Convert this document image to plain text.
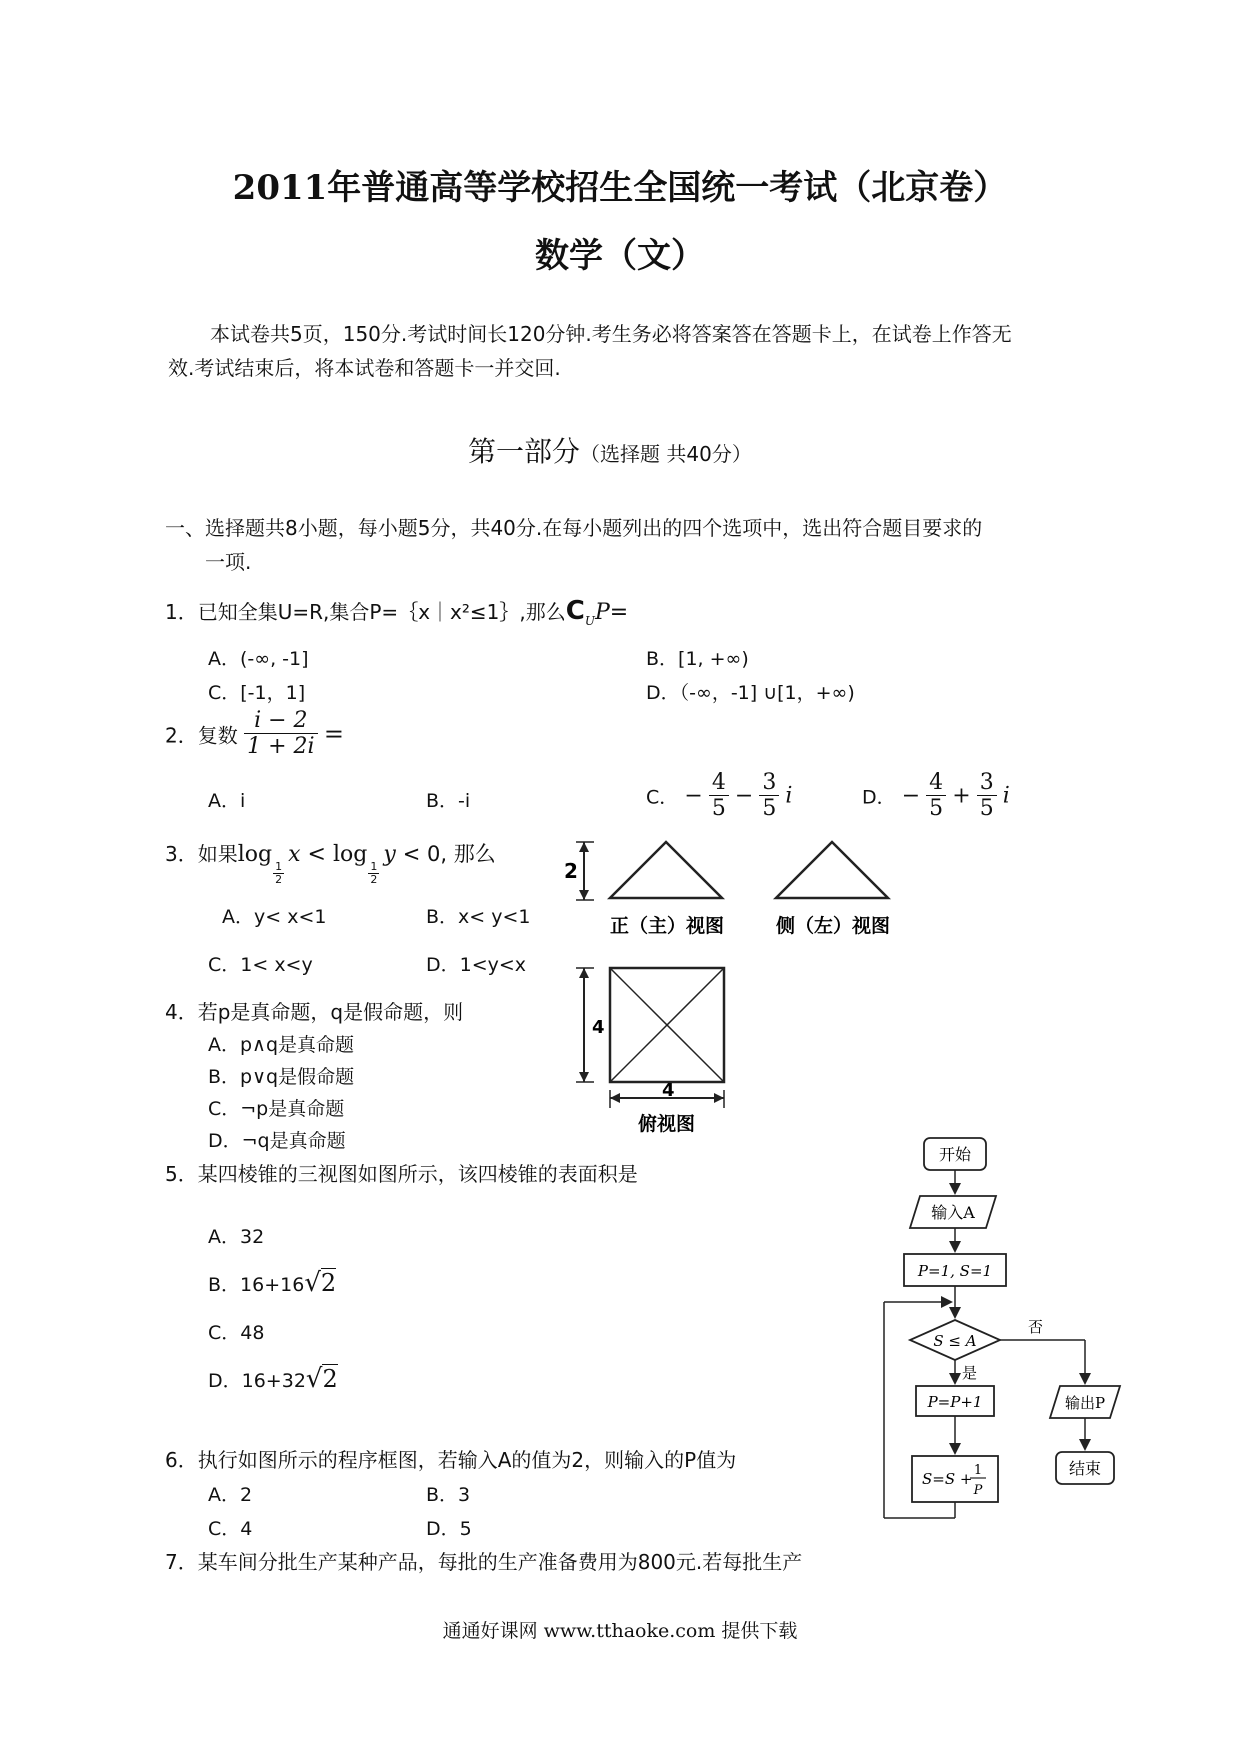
2011年普通高等学校招生全国统一考试（北京卷）
数学（文）
本试卷共5页，150分.考试时间长120分钟.考生务必将答案答在答题卡上，在试卷上作答无
效.考试结束后，将本试卷和答题卡一并交回.
第一部分（选择题 共40分）
一、选择题共8小题，每小题5分，共40分.在每小题列出的四个选项中，选出符合题目要求的
一项.
1．已知全集U=R,集合P=｛x｜x²≤1｝,那么$C_UP=$
A．(-∞, -1]	B．[1, +∞)
C．[-1，1]	D．（-∞，-1] ∪[1，+∞)
2．复数 $\frac{i - 2}{1 + 2i}$ =
A．i	B．-i	C． − $\frac{4}{5} - \frac{3}{5}$ i	D． − $\frac{4}{5} + \frac{3}{5}$ i
3．如果log
$\frac{1}{2}$
x < log
$\frac{1}{2}$
y < 0, 那么
A．y< x<1	B．x< y<1
C．1< x<y	D．1<y<x
4．若p是真命题，q是假命题，则
A．p∧q是真命题
B．p∨q是假命题
C．¬p是真命题
D．¬q是真命题
5．某四棱锥的三视图如图所示，该四棱锥的表面积是
A．32
B．16+16√2
C．48
D．16+32√2
6．执行如图所示的程序框图，若输入A的值为2，则输入的P值为
A．2	B．3
C．4	D．5
7．某车间分批生产某种产品，每批的生产准备费用为800元.若每批生产
2
正（主）视图	侧（左）视图
4
4
俯视图
开始
输入A
P=1, S=1
S ≤ A
否
输出P
结束
是
P=P+1
S=S + 1
P
通通好课网 www.tthaoke.com 提供下载
